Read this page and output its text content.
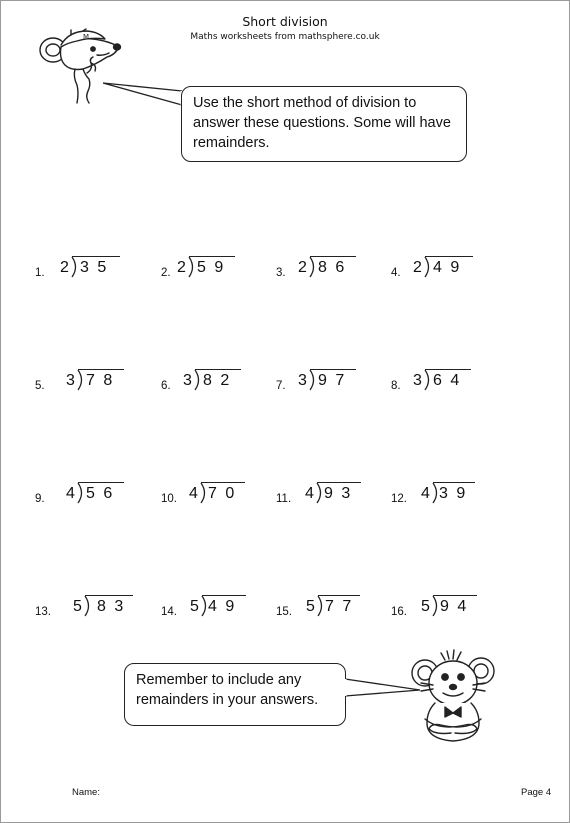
Short division
Maths worksheets from mathsphere.co.uk
M
Use the short method of division to
answer these questions. Some will have
remainders.
1. 2 3 5	2. 2 5 9	3. 2 8 6	4. 2 4 9
5. 3 7 8	6. 3 8 2	7. 3 9 7	8. 3 6 4
9. 4 5 6	10. 4 7 0	11. 4 9 3	12. 4 3 9
13. 5 8 3	14. 5 4 9	15. 5 7 7	16. 5 9 4
Remember to include any
remainders in your answers.
Name:	Page 4
